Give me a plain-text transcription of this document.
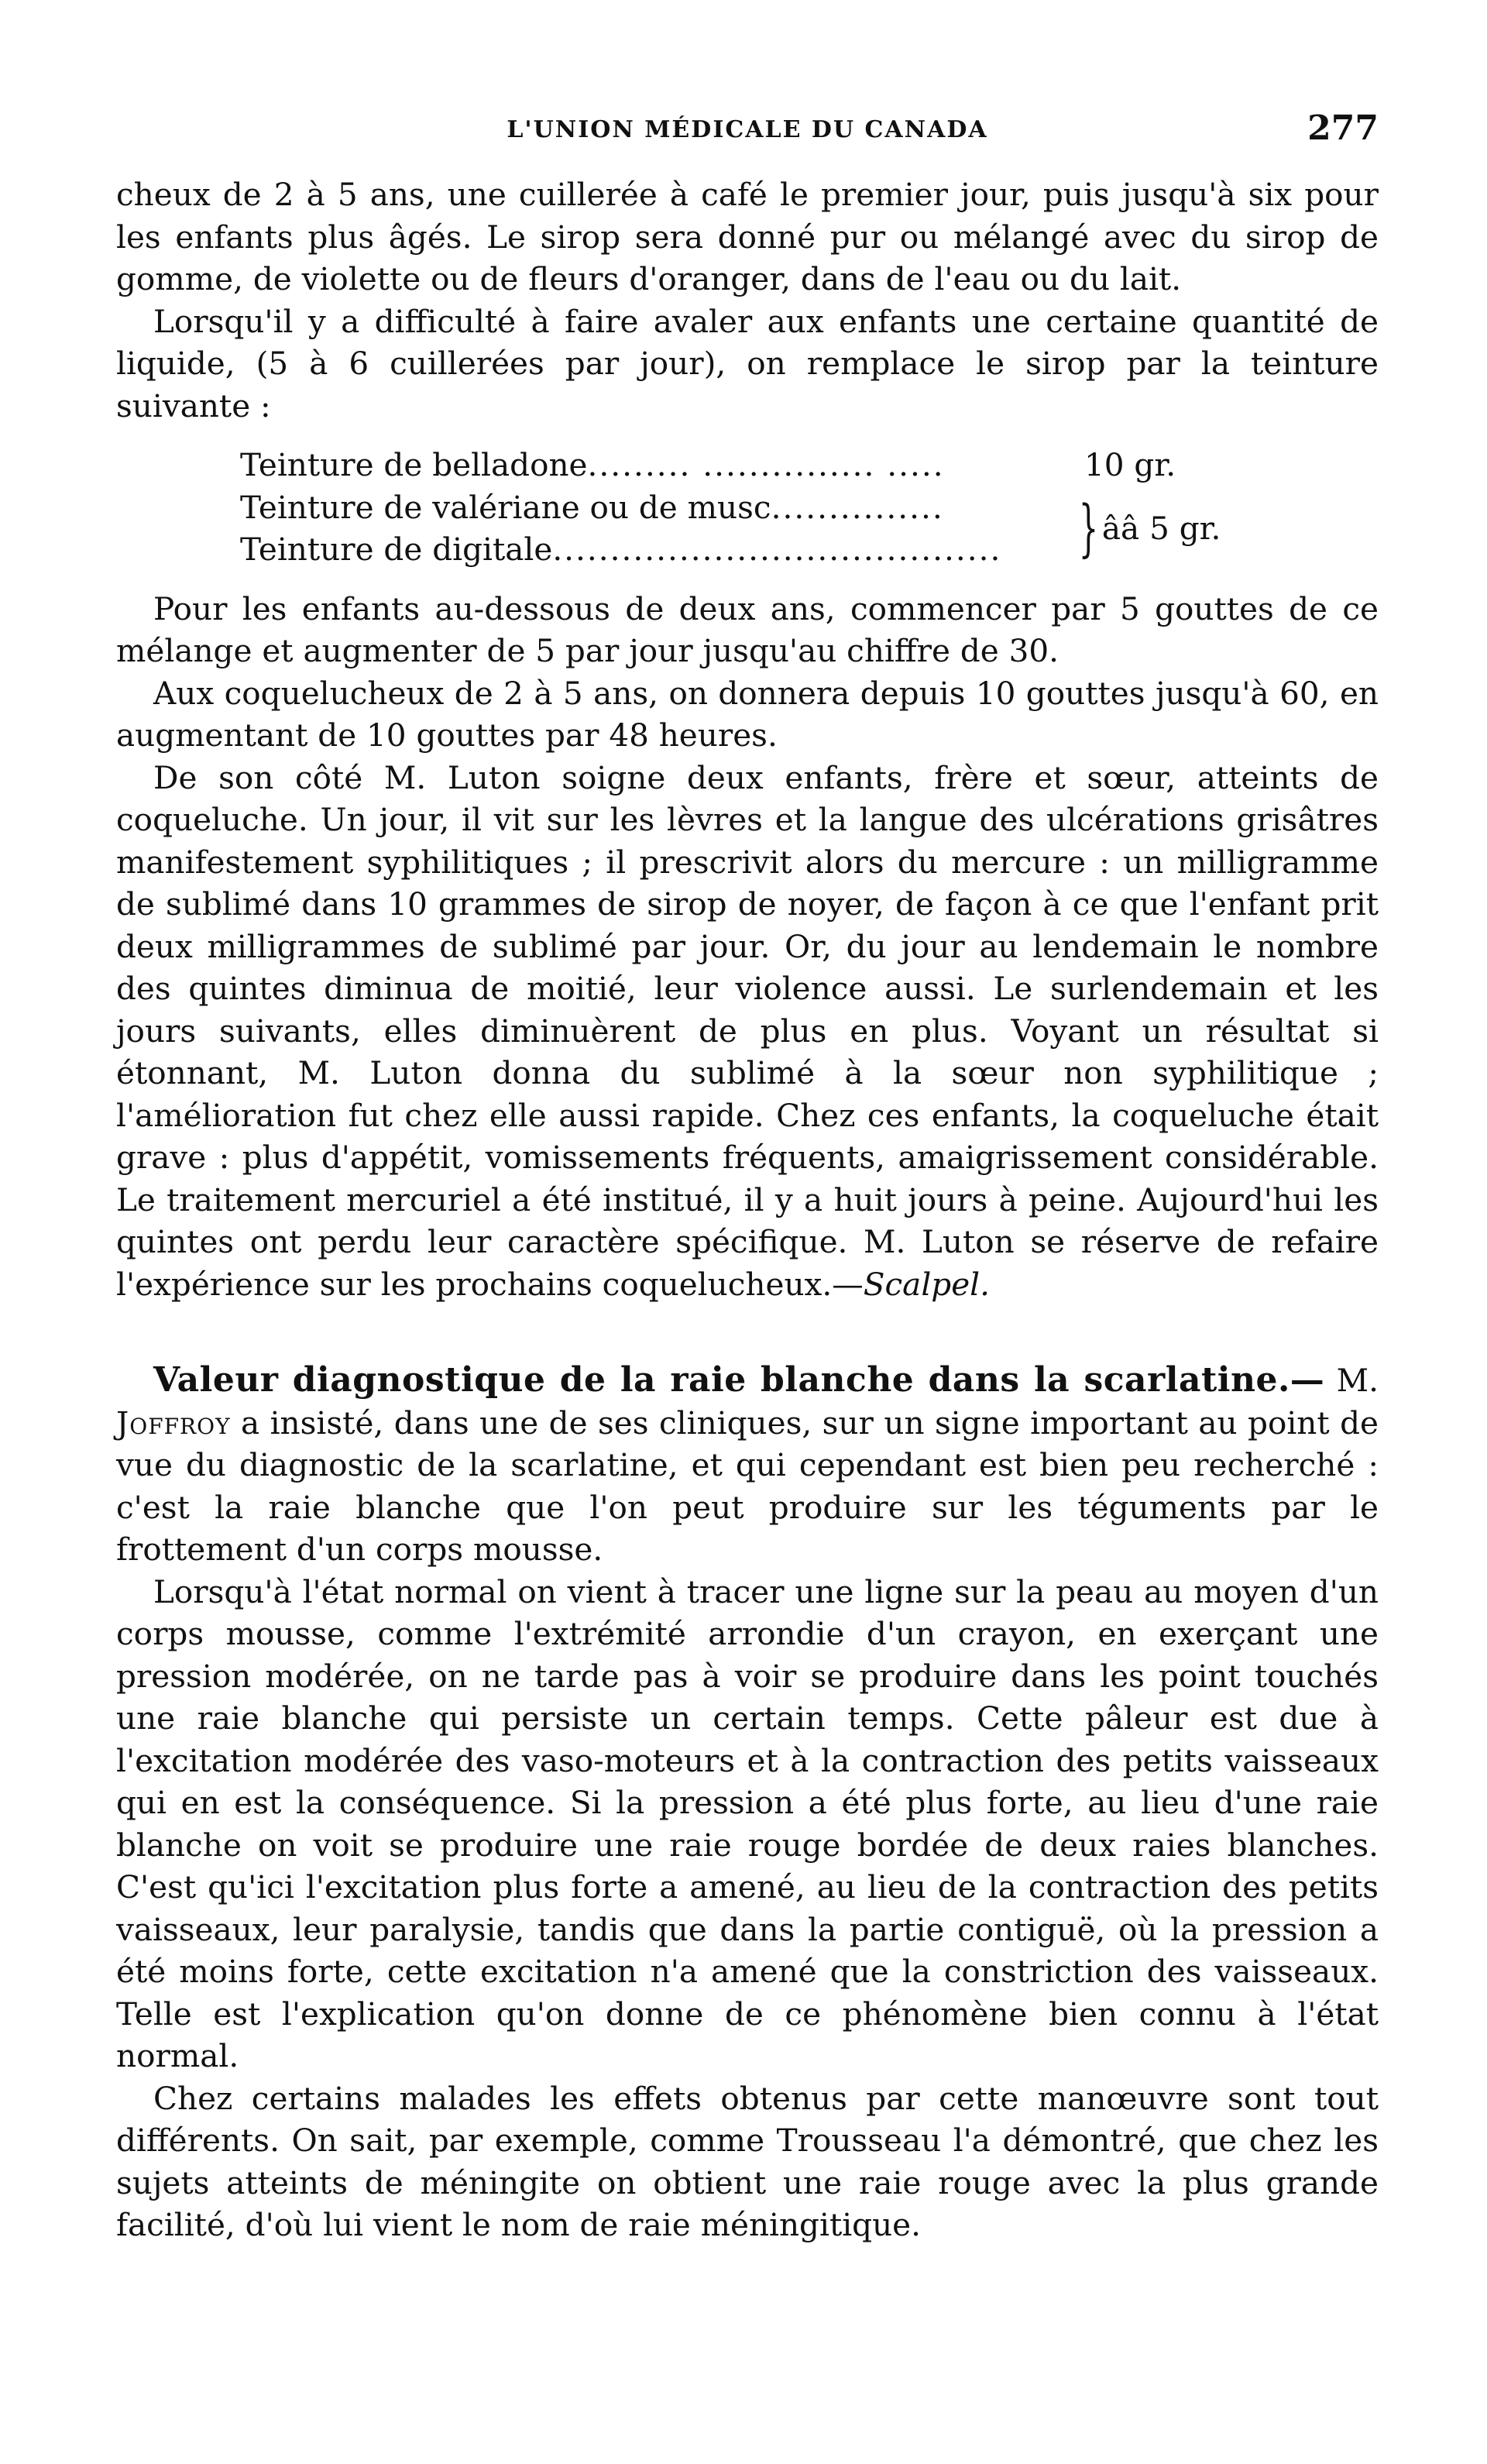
L'UNION MÉDICALE DU CANADA	277

cheux de 2 à 5 ans, une cuillerée à café le premier jour, puis jusqu'à six pour les enfants plus âgés. Le sirop sera donné pur ou mélangé avec du sirop de gomme, de violette ou de fleurs d'oranger, dans de l'eau ou du lait.

Lorsqu'il y a difficulté à faire avaler aux enfants une certaine quantité de liquide, (5 à 6 cuillerées par jour), on remplace le sirop par la teinture suivante :

Teinture de belladone......... ............... .....	10 gr.
Teinture de valériane ou de musc...............
Teinture de digitale.......................................	} ââ 5 gr.

Pour les enfants au-dessous de deux ans, commencer par 5 gouttes de ce mélange et augmenter de 5 par jour jusqu'au chiffre de 30.

Aux coquelucheux de 2 à 5 ans, on donnera depuis 10 gouttes jusqu'à 60, en augmentant de 10 gouttes par 48 heures.

De son côté M. Luton soigne deux enfants, frère et sœur, atteints de coqueluche. Un jour, il vit sur les lèvres et la langue des ulcérations grisâtres manifestement syphilitiques ; il prescrivit alors du mercure : un milligramme de sublimé dans 10 grammes de sirop de noyer, de façon à ce que l'enfant prit deux milligrammes de sublimé par jour. Or, du jour au lendemain le nombre des quintes diminua de moitié, leur violence aussi. Le surlendemain et les jours suivants, elles diminuèrent de plus en plus. Voyant un résultat si étonnant, M. Luton donna du sublimé à la sœur non syphilitique ; l'amélioration fut chez elle aussi rapide. Chez ces enfants, la coqueluche était grave : plus d'appétit, vomissements fréquents, amaigrissement considérable. Le traitement mercuriel a été institué, il y a huit jours à peine. Aujourd'hui les quintes ont perdu leur caractère spécifique. M. Luton se réserve de refaire l'expérience sur les prochains coquelucheux.—Scalpel.

Valeur diagnostique de la raie blanche dans la scarlatine.— M. Joffroy a insisté, dans une de ses cliniques, sur un signe important au point de vue du diagnostic de la scarlatine, et qui cependant est bien peu recherché : c'est la raie blanche que l'on peut produire sur les téguments par le frottement d'un corps mousse.

Lorsqu'à l'état normal on vient à tracer une ligne sur la peau au moyen d'un corps mousse, comme l'extrémité arrondie d'un crayon, en exerçant une pression modérée, on ne tarde pas à voir se produire dans les point touchés une raie blanche qui persiste un certain temps. Cette pâleur est due à l'excitation modérée des vaso-moteurs et à la contraction des petits vaisseaux qui en est la conséquence. Si la pression a été plus forte, au lieu d'une raie blanche on voit se produire une raie rouge bordée de deux raies blanches. C'est qu'ici l'excitation plus forte a amené, au lieu de la contraction des petits vaisseaux, leur paralysie, tandis que dans la partie contiguë, où la pression a été moins forte, cette excitation n'a amené que la constriction des vaisseaux. Telle est l'explication qu'on donne de ce phénomène bien connu à l'état normal.

Chez certains malades les effets obtenus par cette manœuvre sont tout différents. On sait, par exemple, comme Trousseau l'a démontré, que chez les sujets atteints de méningite on obtient une raie rouge avec la plus grande facilité, d'où lui vient le nom de raie méningitique.
